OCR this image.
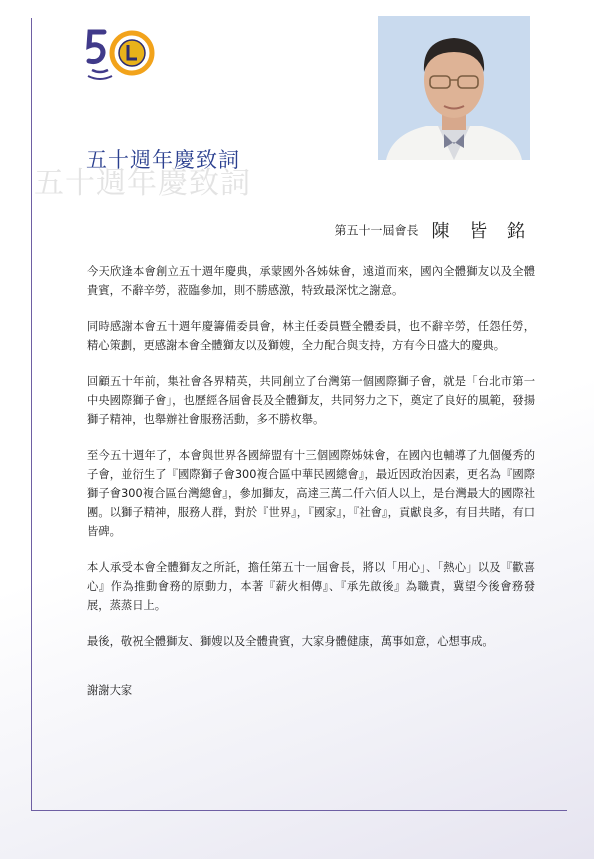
五十週年慶致詞
五十週年慶致詞
第五十一屆會長 陳 皆 銘

今天欣逢本會創立五十週年慶典，承蒙國外各姊妹會，遠道而來，國內全體獅友以及全體貴賓，不辭辛勞，蒞臨參加，則不勝感激，特致最深忱之謝意。

同時感謝本會五十週年慶籌備委員會，林主任委員暨全體委員，也不辭辛勞，任怨任勞，精心策劃，更感謝本會全體獅友以及獅嫂，全力配合與支持，方有今日盛大的慶典。

回顧五十年前，集社會各界精英，共同創立了台灣第一個國際獅子會，就是「台北市第一中央國際獅子會」，也歷經各屆會長及全體獅友，共同努力之下，奠定了良好的風範，發揚獅子精神，也舉辦社會服務活動，多不勝枚舉。

至今五十週年了，本會與世界各國締盟有十三個國際姊妹會，在國內也輔導了九個優秀的子會，並衍生了『國際獅子會300複合區中華民國總會』，最近因政治因素，更名為『國際獅子會300複合區台灣總會』，參加獅友，高達三萬二仟六佰人以上，是台灣最大的國際社團。以獅子精神，服務人群，對於『世界』，『國家』，『社會』，貢獻良多，有目共睹，有口皆碑。

本人承受本會全體獅友之所託，擔任第五十一屆會長，將以「用心」、「熱心」以及『歡喜心』作為推動會務的原動力，本著『薪火相傳』、『承先啟後』為職責，冀望今後會務發展，蒸蒸日上。

最後，敬祝全體獅友、獅嫂以及全體貴賓，大家身體健康，萬事如意，心想事成。

謝謝大家
